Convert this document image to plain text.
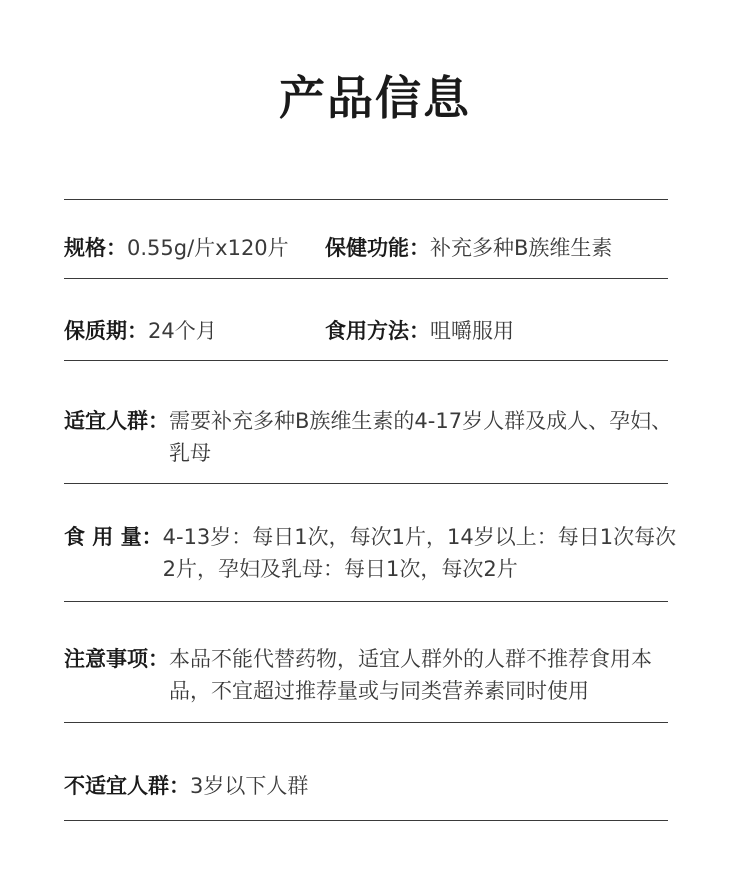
产品信息
规格：0.55g/片x120片 保健功能：补充多种B族维生素
保质期：24个月	食用方法：咀嚼服用
适宜人群： 需要补充多种B族维生素的4-17岁人群及成人、孕妇、乳母
食 用 量： 4-13岁：每日1次，每次1片，14岁以上：每日1次每次2片，孕妇及乳母：每日1次，每次2片
注意事项： 本品不能代替药物，适宜人群外的人群不推荐食用本品，不宜超过推荐量或与同类营养素同时使用
不适宜人群：3岁以下人群
